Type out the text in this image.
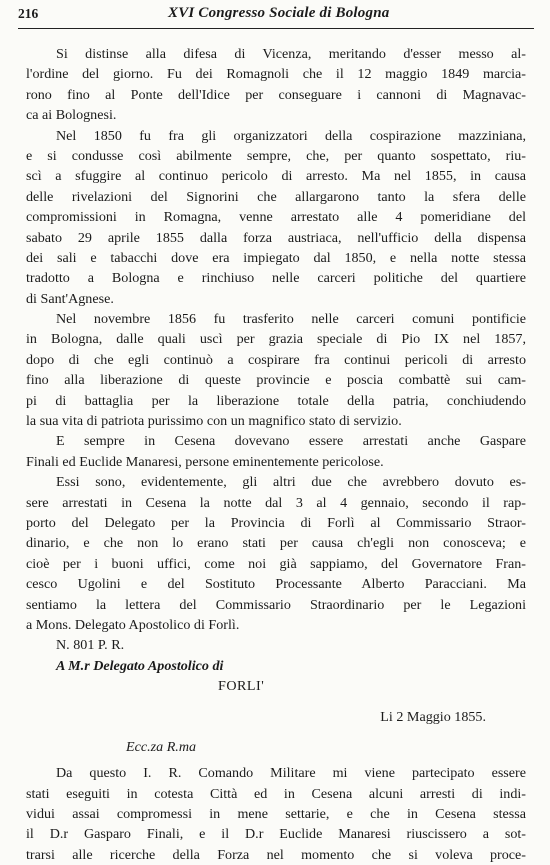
216	XVI Congresso Sociale di Bologna
Si distinse alla difesa di Vicenza, meritando d'esser messo al-
l'ordine del giorno. Fu dei Romagnoli che il 12 maggio 1849 marcia-
rono fino al Ponte dell'Idice per conseguare i cannoni di Magnavac-
ca ai Bolognesi.
Nel 1850 fu fra gli organizzatori della cospirazione mazziniana,
e si condusse così abilmente sempre, che, per quanto sospettato, riu-
scì a sfuggire al continuo pericolo di arresto. Ma nel 1855, in causa
delle rivelazioni del Signorini che allargarono tanto la sfera delle
compromissioni in Romagna, venne arrestato alle 4 pomeridiane del
sabato 29 aprile 1855 dalla forza austriaca, nell'ufficio della dispensa
dei sali e tabacchi dove era impiegato dal 1850, e nella notte stessa
tradotto a Bologna e rinchiuso nelle carceri politiche del quartiere
di Sant'Agnese.
Nel novembre 1856 fu trasferito nelle carceri comuni pontificie
in Bologna, dalle quali uscì per grazia speciale di Pio IX nel 1857,
dopo di che egli continuò a cospirare fra continui pericoli di arresto
fino alla liberazione di queste provincie e poscia combattè sui cam-
pi di battaglia per la liberazione totale della patria, conchiudendo
la sua vita di patriota purissimo con un magnifico stato di servizio.
E sempre in Cesena dovevano essere arrestati anche Gaspare
Finali ed Euclide Manaresi, persone eminentemente pericolose.
Essi sono, evidentemente, gli altri due che avrebbero dovuto es-
sere arrestati in Cesena la notte dal 3 al 4 gennaio, secondo il rap-
porto del Delegato per la Provincia di Forlì al Commissario Straor-
dinario, e che non lo erano stati per causa ch'egli non conosceva; e
cioè per i buoni uffici, come noi già sappiamo, del Governatore Fran-
cesco Ugolini e del Sostituto Processante Alberto Paracciani. Ma
sentiamo la lettera del Commissario Straordinario per le Legazioni
a Mons. Delegato Apostolico di Forlì.
N. 801 P. R.
A M.r Delegato Apostolico di
FORLI'
Li 2 Maggio 1855.
Ecc.za R.ma
Da questo I. R. Comando Militare mi viene partecipato essere
stati eseguiti in cotesta Città ed in Cesena alcuni arresti di indi-
vidui assai compromessi in mene settarie, e che in Cesena stessa
il D.r Gasparo Finali, e il D.r Euclide Manaresi riuscissero a sot-
trarsi alle ricerche della Forza nel momento che si voleva proce-
